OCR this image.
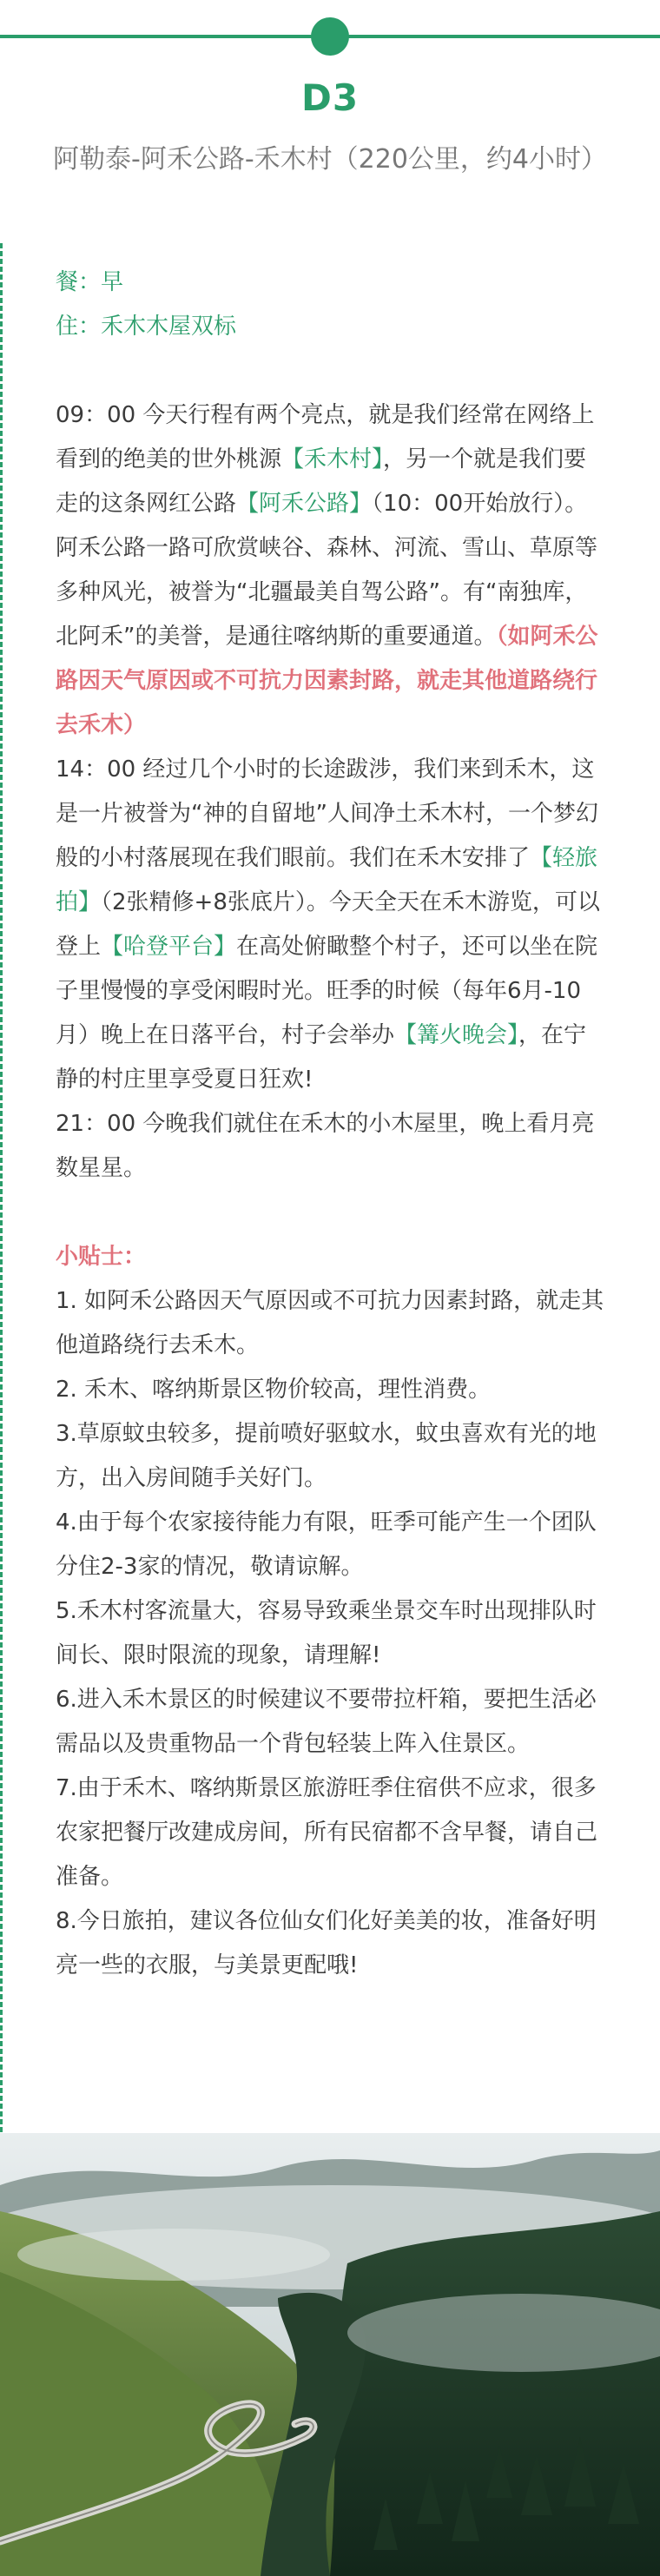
D3
阿勒泰-阿禾公路-禾木村（220公里，约4小时）

餐：早

住：禾木木屋双标

09：00 今天行程有两个亮点，就是我们经常在网络上看到的绝美的世外桃源【禾木村】，另一个就是我们要走的这条网红公路【阿禾公路】（10：00开始放行）。阿禾公路一路可欣赏峡谷、森林、河流、雪山、草原等多种风光，被誉为“北疆最美自驾公路”。有“南独库，北阿禾”的美誉，是通往喀纳斯的重要通道。（如阿禾公路因天气原因或不可抗力因素封路，就走其他道路绕行去禾木）

14：00 经过几个小时的长途跋涉，我们来到禾木，这是一片被誉为“神的自留地”人间净土禾木村，一个梦幻般的小村落展现在我们眼前。我们在禾木安排了【轻旅拍】（2张精修+8张底片）。今天全天在禾木游览，可以登上【哈登平台】在高处俯瞰整个村子，还可以坐在院子里慢慢的享受闲暇时光。旺季的时候（每年6月-10月）晚上在日落平台，村子会举办【篝火晚会】，在宁静的村庄里享受夏日狂欢!

21：00 今晚我们就住在禾木的小木屋里，晚上看月亮数星星。

小贴士：

1. 如阿禾公路因天气原因或不可抗力因素封路，就走其他道路绕行去禾木。

2. 禾木、喀纳斯景区物价较高，理性消费。

3.草原蚊虫较多，提前喷好驱蚊水，蚊虫喜欢有光的地方，出入房间随手关好门。

4.由于每个农家接待能力有限，旺季可能产生一个团队分住2-3家的情况，敬请谅解。

5.禾木村客流量大，容易导致乘坐景交车时出现排队时间长、限时限流的现象，请理解!

6.进入禾木景区的时候建议不要带拉杆箱，要把生活必需品以及贵重物品一个背包轻装上阵入住景区。

7.由于禾木、喀纳斯景区旅游旺季住宿供不应求，很多农家把餐厅改建成房间，所有民宿都不含早餐，请自己准备。

8.今日旅拍，建议各位仙女们化好美美的妆，准备好明亮一些的衣服，与美景更配哦!
